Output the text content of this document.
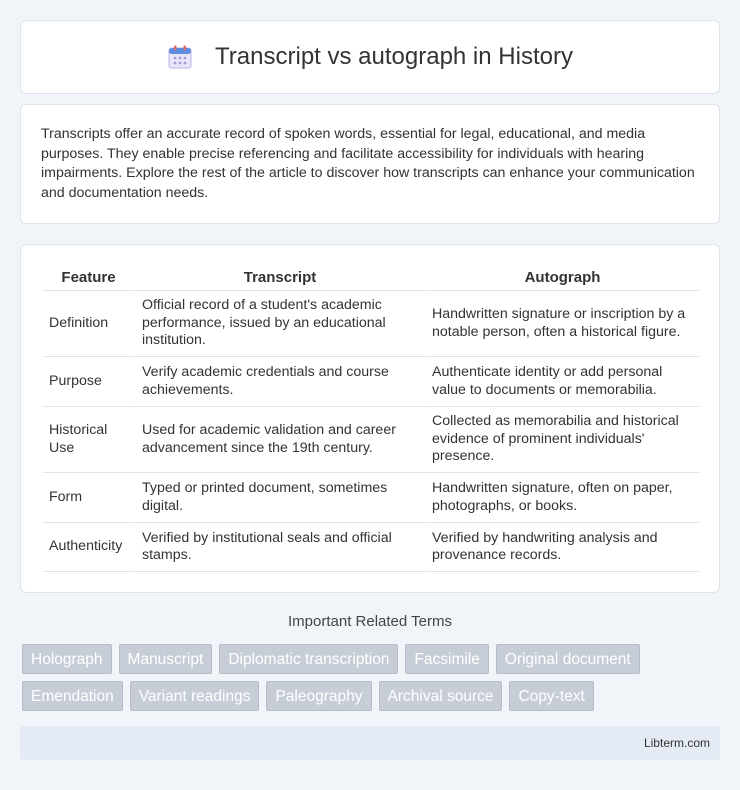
Transcript vs autograph in History

Transcripts offer an accurate record of spoken words, essential for legal, educational, and media purposes. They enable precise referencing and facilitate accessibility for individuals with hearing impairments. Explore the rest of the article to discover how transcripts can enhance your communication and documentation needs.

Feature	Transcript	Autograph
Definition	Official record of a student's academic performance, issued by an educational institution.	Handwritten signature or inscription by a notable person, often a historical figure.
Purpose	Verify academic credentials and course achievements.	Authenticate identity or add personal value to documents or memorabilia.
Historical Use	Used for academic validation and career advancement since the 19th century.	Collected as memorabilia and historical evidence of prominent individuals' presence.
Form	Typed or printed document, sometimes digital.	Handwritten signature, often on paper, photographs, or books.
Authenticity	Verified by institutional seals and official stamps.	Verified by handwriting analysis and provenance records.
Important Related Terms
Holograph	Manuscript	Diplomatic transcription	Facsimile	Original document
Emendation	Variant readings	Paleography	Archival source	Copy-text
Libterm.com
